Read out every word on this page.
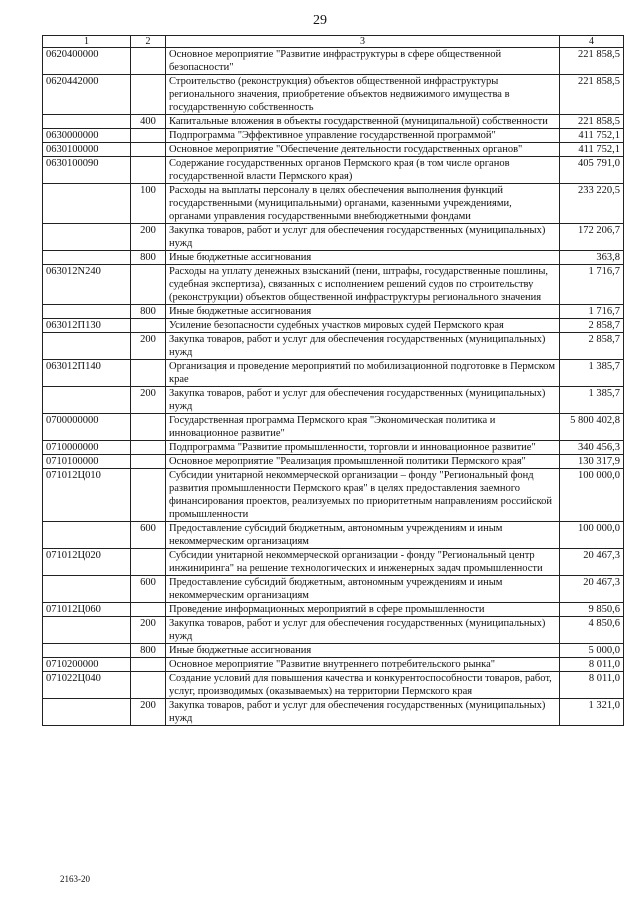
29
1	2	3	4
0620400000		Основное мероприятие "Развитие инфраструктуры в сфере общественной безопасности"	221 858,5
0620442000		Строительство (реконструкция) объектов общественной инфраструктуры регионального значения, приобретение объектов недвижимого имущества в государственную собственность	221 858,5
	400	Капитальные вложения в объекты государственной (муниципальной) собственности	221 858,5
0630000000		Подпрограмма "Эффективное управление государственной программой"	411 752,1
0630100000		Основное мероприятие "Обеспечение деятельности государственных органов"	411 752,1
0630100090		Содержание государственных органов Пермского края (в том числе органов государственной власти Пермского края)	405 791,0
	100	Расходы на выплаты персоналу в целях обеспечения выполнения функций государственными (муниципальными) органами, казенными учреждениями, органами управления государственными внебюджетными фондами	233 220,5
	200	Закупка товаров, работ и услуг для обеспечения государственных (муниципальных) нужд	172 206,7
	800	Иные бюджетные ассигнования	363,8
063012N240		Расходы на уплату денежных взысканий (пени, штрафы, государственные пошлины, судебная экспертиза), связанных с исполнением решений судов по строительству (реконструкции) объектов общественной инфраструктуры регионального значения	1 716,7
	800	Иные бюджетные ассигнования	1 716,7
063012П130		Усиление безопасности судебных участков мировых судей Пермского края	2 858,7
	200	Закупка товаров, работ и услуг для обеспечения государственных (муниципальных) нужд	2 858,7
063012П140		Организация и проведение мероприятий по мобилизационной подготовке в Пермском крае	1 385,7
	200	Закупка товаров, работ и услуг для обеспечения государственных (муниципальных) нужд	1 385,7
0700000000		Государственная программа Пермского края "Экономическая политика и инновационное развитие"	5 800 402,8
0710000000		Подпрограмма "Развитие промышленности, торговли и инновационное развитие"	340 456,3
0710100000		Основное мероприятие "Реализация промышленной политики Пермского края"	130 317,9
071012Ц010		Субсидии унитарной некоммерческой организации – фонду "Региональный фонд развития промышленности Пермского края" в целях предоставления заемного финансирования проектов, реализуемых по приоритетным направлениям российской промышленности	100 000,0
	600	Предоставление субсидий бюджетным, автономным учреждениям и иным некоммерческим организациям	100 000,0
071012Ц020		Субсидии унитарной некоммерческой организации - фонду "Региональный центр инжиниринга" на решение технологических и инженерных задач промышленности	20 467,3
	600	Предоставление субсидий бюджетным, автономным учреждениям и иным некоммерческим организациям	20 467,3
071012Ц060		Проведение информационных мероприятий в сфере промышленности	9 850,6
	200	Закупка товаров, работ и услуг для обеспечения государственных (муниципальных) нужд	4 850,6
	800	Иные бюджетные ассигнования	5 000,0
0710200000		Основное мероприятие "Развитие внутреннего потребительского рынка"	8 011,0
071022Ц040		Создание условий для повышения качества и конкурентоспособности товаров, работ, услуг, производимых (оказываемых) на территории Пермского края	8 011,0
	200	Закупка товаров, работ и услуг для обеспечения государственных (муниципальных) нужд	1 321,0
2163-20
